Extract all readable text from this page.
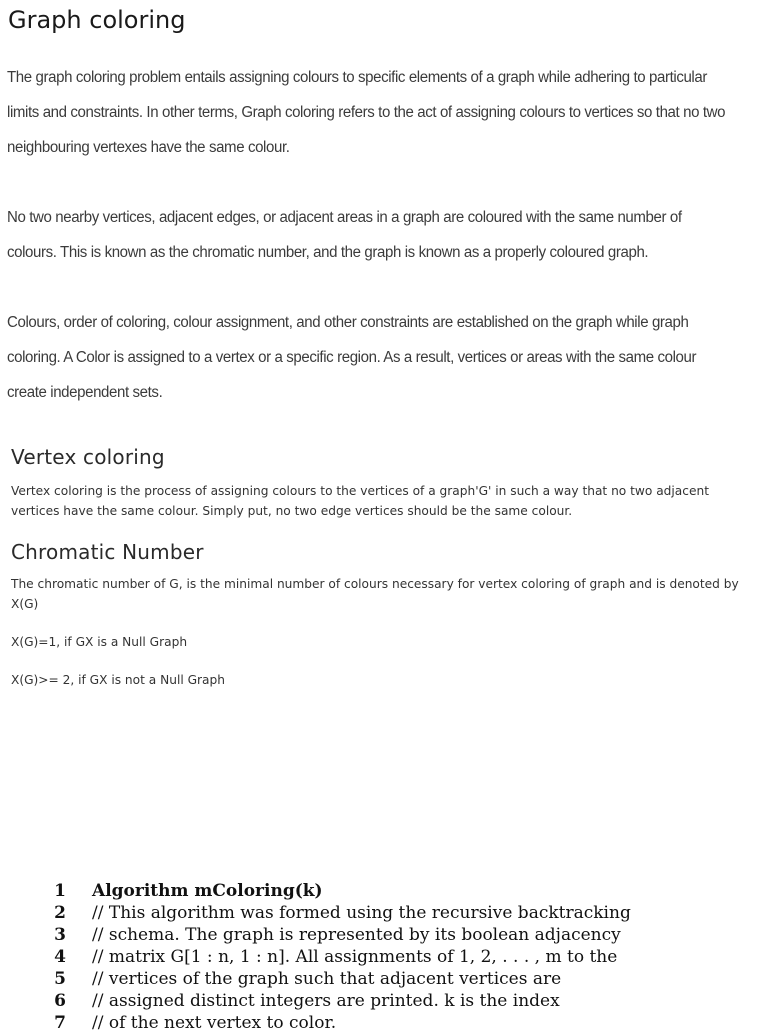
Graph coloring

The graph coloring problem entails assigning colours to specific elements of a graph while adhering to particular limits and constraints. In other terms, Graph coloring refers to the act of assigning colours to vertices so that no two neighbouring vertexes have the same colour.

No two nearby vertices, adjacent edges, or adjacent areas in a graph are coloured with the same number of colours. This is known as the chromatic number, and the graph is known as a properly coloured graph.

Colours, order of coloring, colour assignment, and other constraints are established on the graph while graph coloring. A Color is assigned to a vertex or a specific region. As a result, vertices or areas with the same colour create independent sets.

Vertex coloring

Vertex coloring is the process of assigning colours to the vertices of a graph'G' in such a way that no two adjacent vertices have the same colour. Simply put, no two edge vertices should be the same colour.

Chromatic Number

The chromatic number of G, is the minimal number of colours necessary for vertex coloring of graph and is denoted by X(G)

X(G)=1, if GX is a Null Graph

X(G)>= 2, if GX is not a Null Graph

1 Algorithm mColoring(k)
2 // This algorithm was formed using the recursive backtracking
3 // schema. The graph is represented by its boolean adjacency
4 // matrix G[1 : n, 1 : n]. All assignments of 1, 2, . . . , m to the
5 // vertices of the graph such that adjacent vertices are
6 // assigned distinct integers are printed. k is the index
7 // of the next vertex to color.
